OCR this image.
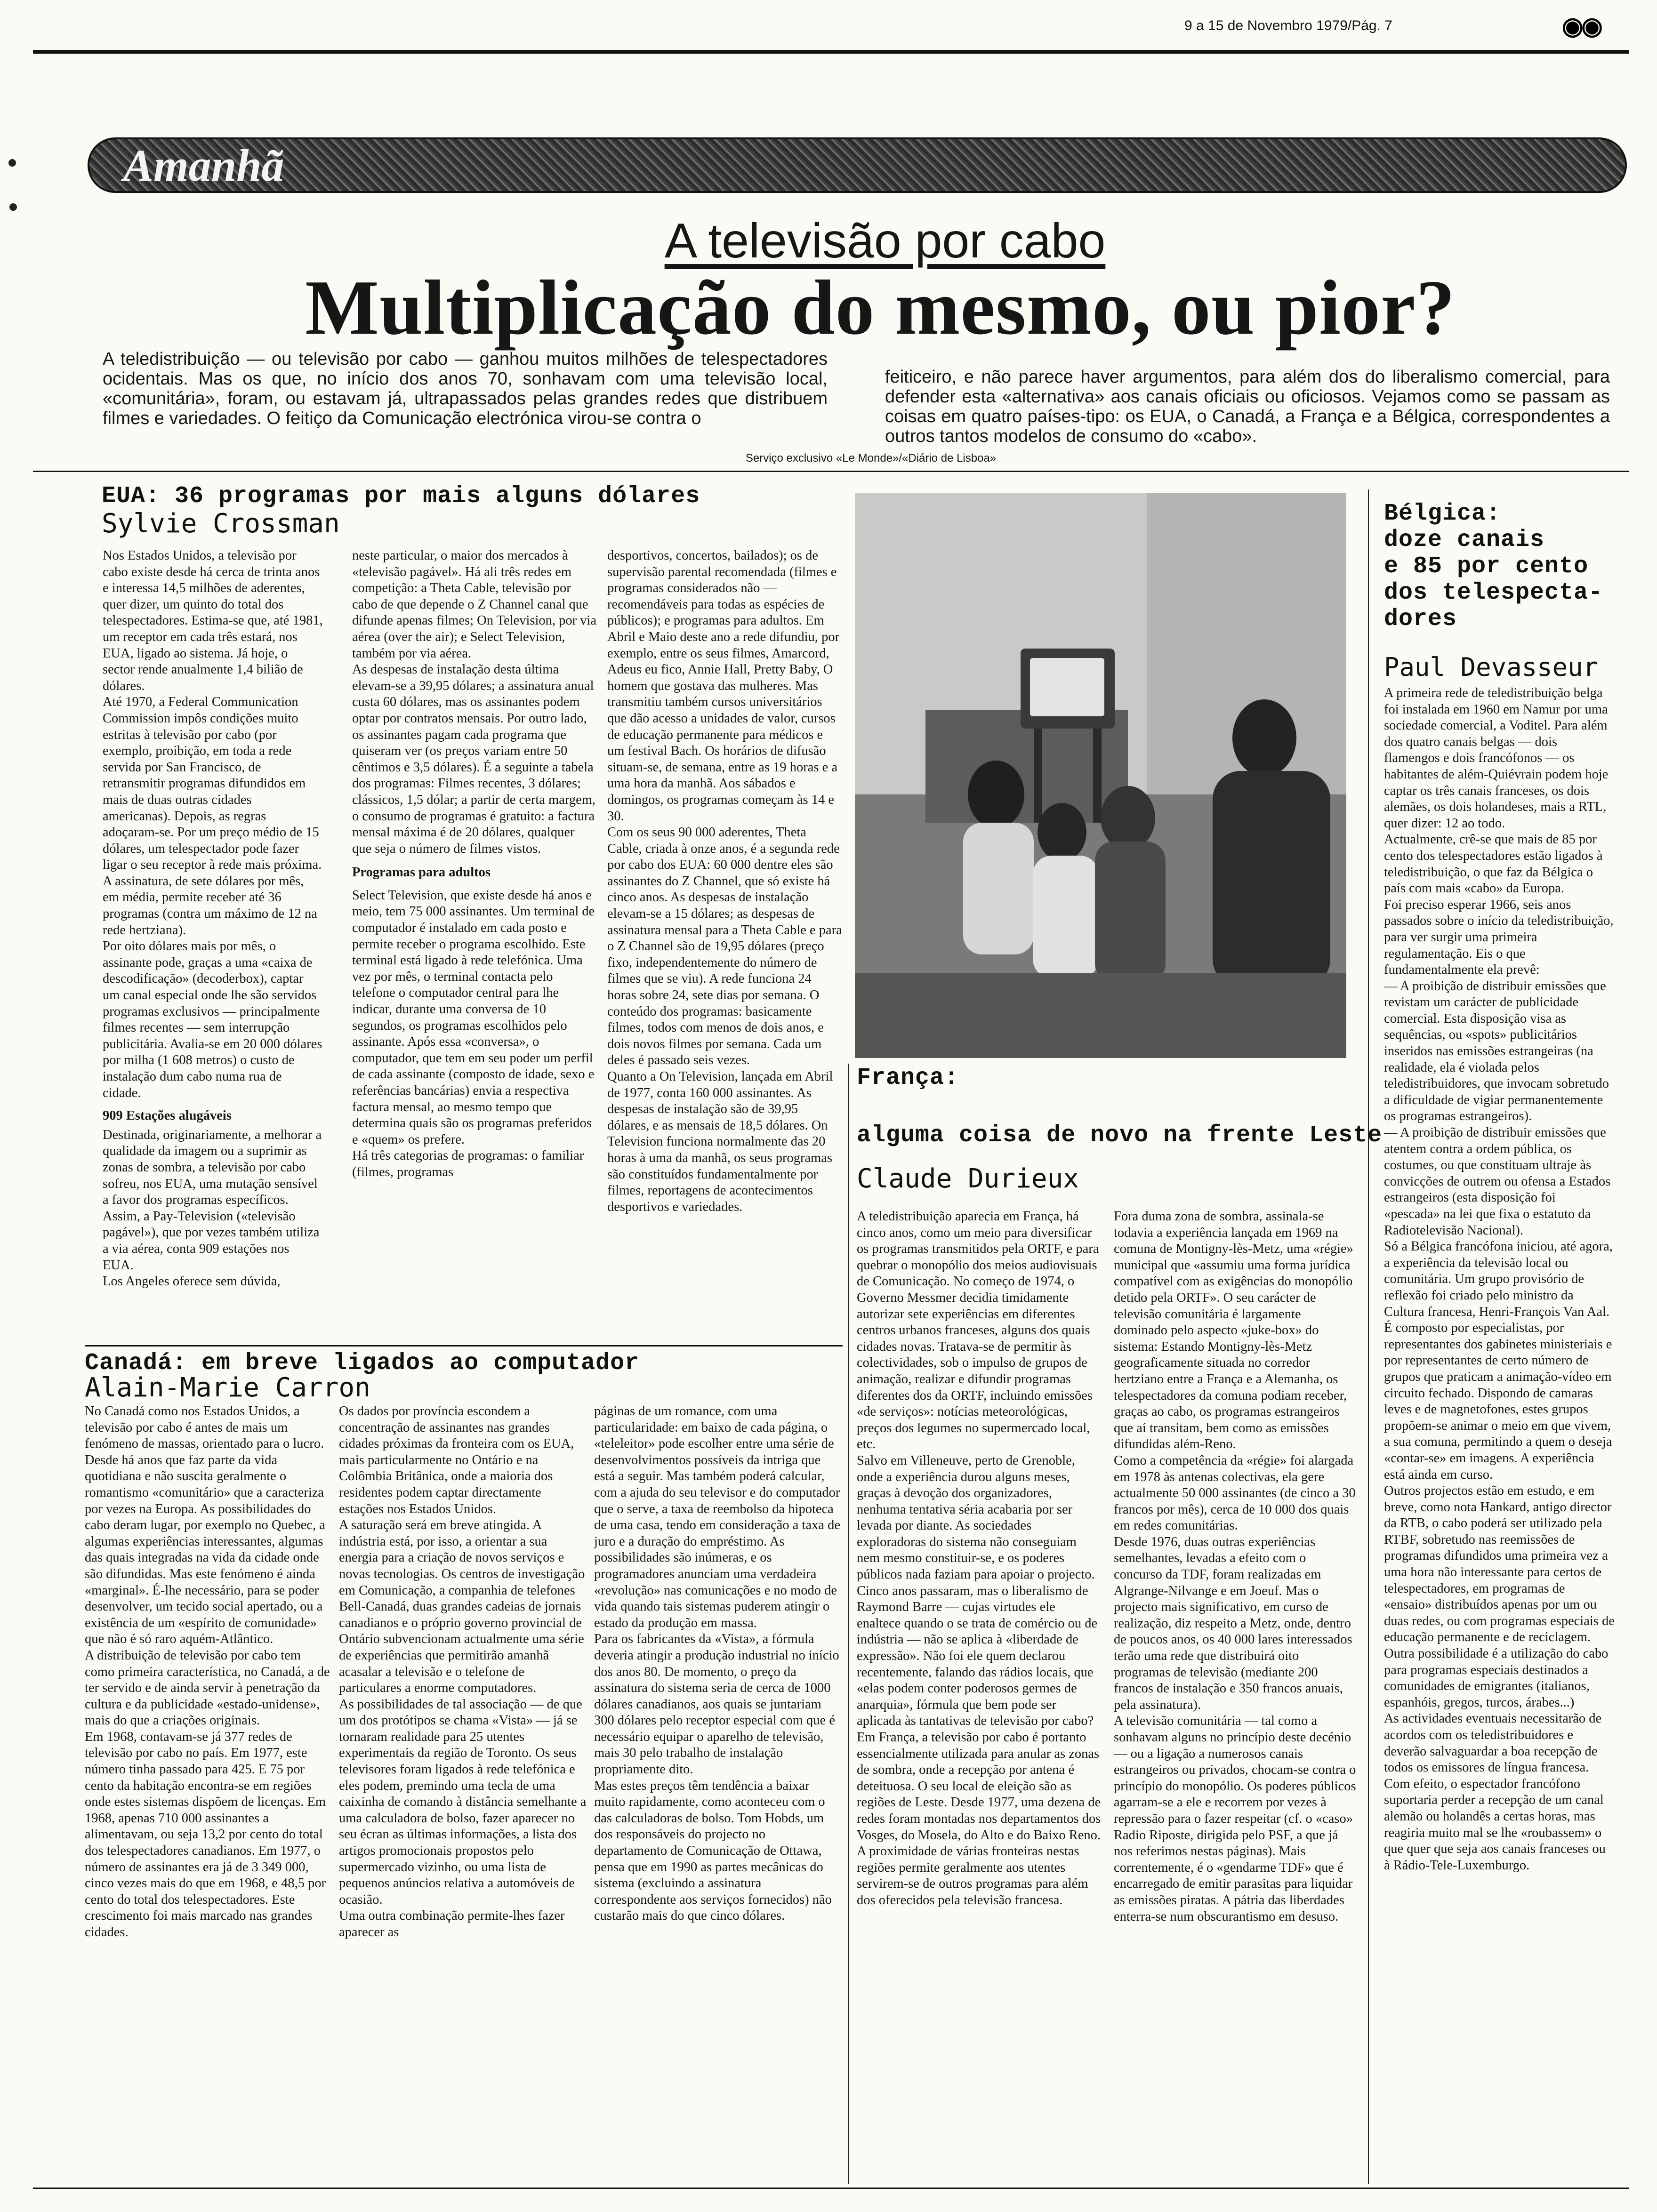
9 a 15 de Novembro 1979/Pág. 7	◉◉
Amanhã
A televisão por cabo
Multiplicação do mesmo, ou pior?
A teledistribuição — ou televisão por cabo — ganhou muitos milhões de telespectadores ocidentais. Mas os que, no início dos anos 70, sonhavam com uma televisão local, «comunitária», foram, ou estavam já, ultrapassados pelas grandes redes que distribuem filmes e variedades. O feitiço da Comunicação electrónica virou-se contra o
feiticeiro, e não parece haver argumentos, para além dos do liberalismo comercial, para defender esta «alternativa» aos canais oficiais ou oficiosos. Vejamos como se passam as coisas em quatro países-tipo: os EUA, o Canadá, a França e a Bélgica, correspondentes a outros tantos modelos de consumo do «cabo».
Serviço exclusivo «Le Monde»/«Diário de Lisboa»
EUA: 36 programas por mais alguns dólares
Sylvie Crossman

Nos Estados Unidos, a televisão por cabo existe desde há cerca de trinta anos e interessa 14,5 milhões de aderentes, quer dizer, um quinto do total dos telespectadores. Estima-se que, até 1981, um receptor em cada três estará, nos EUA, ligado ao sistema. Já hoje, o sector rende anualmente 1,4 bilião de dólares.

Até 1970, a Federal Communication Commission impôs condições muito estritas à televisão por cabo (por exemplo, proibição, em toda a rede servida por San Francisco, de retransmitir programas difundidos em mais de duas outras cidades americanas). Depois, as regras adoçaram-se. Por um preço médio de 15 dólares, um telespectador pode fazer ligar o seu receptor à rede mais próxima. A assinatura, de sete dólares por mês, em média, permite receber até 36 programas (contra um máximo de 12 na rede hertziana).

Por oito dólares mais por mês, o assinante pode, graças a uma «caixa de descodificação» (decoderbox), captar um canal especial onde lhe são servidos programas exclusivos — principalmente filmes recentes — sem interrupção publicitária. Avalia-se em 20 000 dólares por milha (1 608 metros) o custo de instalação dum cabo numa rua de cidade.

909 Estações alugáveis

Destinada, originariamente, a melhorar a qualidade da imagem ou a suprimir as zonas de sombra, a televisão por cabo sofreu, nos EUA, uma mutação sensível a favor dos programas específicos. Assim, a Pay-Television («televisão pagável»), que por vezes também utiliza a via aérea, conta 909 estações nos EUA.

Los Angeles oferece sem dúvida,

neste particular, o maior dos mercados à «televisão pagável». Há ali três redes em competição: a Theta Cable, televisão por cabo de que depende o Z Channel canal que difunde apenas filmes; On Television, por via aérea (over the air); e Select Television, também por via aérea.

As despesas de instalação desta última elevam-se a 39,95 dólares; a assinatura anual custa 60 dólares, mas os assinantes podem optar por contratos mensais. Por outro lado, os assinantes pagam cada programa que quiseram ver (os preços variam entre 50 cêntimos e 3,5 dólares). É a seguinte a tabela dos programas: Filmes recentes, 3 dólares; clássicos, 1,5 dólar; a partir de certa margem, o consumo de programas é gratuito: a factura mensal máxima é de 20 dólares, qualquer que seja o número de filmes vistos.

Programas para adultos

Select Television, que existe desde há anos e meio, tem 75 000 assinantes. Um terminal de computador é instalado em cada posto e permite receber o programa escolhido. Este terminal está ligado à rede telefónica. Uma vez por mês, o terminal contacta pelo telefone o computador central para lhe indicar, durante uma conversa de 10 segundos, os programas escolhidos pelo assinante. Após essa «conversa», o computador, que tem em seu poder um perfil de cada assinante (composto de idade, sexo e referências bancárias) envia a respectiva factura mensal, ao mesmo tempo que determina quais são os programas preferidos e «quem» os prefere.

Há três categorias de programas: o familiar (filmes, programas

desportivos, concertos, bailados); os de supervisão parental recomendada (filmes e programas considerados não — recomendáveis para todas as espécies de públicos); e programas para adultos. Em Abril e Maio deste ano a rede difundiu, por exemplo, entre os seus filmes, Amarcord, Adeus eu fico, Annie Hall, Pretty Baby, O homem que gostava das mulheres. Mas transmitiu também cursos universitários que dão acesso a unidades de valor, cursos de educação permanente para médicos e um festival Bach. Os horários de difusão situam-se, de semana, entre as 19 horas e a uma hora da manhã. Aos sábados e domingos, os programas começam às 14 e 30.

Com os seus 90 000 aderentes, Theta Cable, criada à onze anos, é a segunda rede por cabo dos EUA: 60 000 dentre eles são assinantes do Z Channel, que só existe há cinco anos. As despesas de instalação elevam-se a 15 dólares; as despesas de assinatura mensal para a Theta Cable e para o Z Channel são de 19,95 dólares (preço fixo, independentemente do número de filmes que se viu). A rede funciona 24 horas sobre 24, sete dias por semana. O conteúdo dos programas: basicamente filmes, todos com menos de dois anos, e dois novos filmes por semana. Cada um deles é passado seis vezes.

Quanto a On Television, lançada em Abril de 1977, conta 160 000 assinantes. As despesas de instalação são de 39,95 dólares, e as mensais de 18,5 dólares. On Television funciona normalmente das 20 horas à uma da manhã, os seus programas são constituídos fundamentalmente por filmes, reportagens de acontecimentos desportivos e variedades.

Bélgica:
doze canais
e 85 por cento
dos telespecta-
dores
Paul Devasseur

A primeira rede de teledistribuição belga foi instalada em 1960 em Namur por uma sociedade comercial, a Voditel. Para além dos quatro canais belgas — dois flamengos e dois francófonos — os habitantes de além-Quiévrain podem hoje captar os três canais franceses, os dois alemães, os dois holandeses, mais a RTL, quer dizer: 12 ao todo.

Actualmente, crê-se que mais de 85 por cento dos telespectadores estão ligados à teledistribuição, o que faz da Bélgica o país com mais «cabo» da Europa.

Foi preciso esperar 1966, seis anos passados sobre o início da teledistribuição, para ver surgir uma primeira regulamentação. Eis o que fundamentalmente ela prevê:

— A proibição de distribuir emissões que revistam um carácter de publicidade comercial. Esta disposição visa as sequências, ou «spots» publicitários inseridos nas emissões estrangeiras (na realidade, ela é violada pelos teledistribuidores, que invocam sobretudo a dificuldade de vigiar permanentemente os programas estrangeiros).

— A proibição de distribuir emissões que atentem contra a ordem pública, os costumes, ou que constituam ultraje às convicções de outrem ou ofensa a Estados estrangeiros (esta disposição foi «pescada» na lei que fixa o estatuto da Radiotelevisão Nacional).

Só a Bélgica francófona iniciou, até agora, a experiência da televisão local ou comunitária. Um grupo provisório de reflexão foi criado pelo ministro da Cultura francesa, Henri-François Van Aal. É composto por especialistas, por representantes dos gabinetes ministeriais e por representantes de certo número de grupos que praticam a animação-vídeo em circuito fechado. Dispondo de camaras leves e de magnetofones, estes grupos propõem-se animar o meio em que vivem, a sua comuna, permitindo a quem o deseja «contar-se» em imagens. A experiência está ainda em curso.

Outros projectos estão em estudo, e em breve, como nota Hankard, antigo director da RTB, o cabo poderá ser utilizado pela RTBF, sobretudo nas reemissões de programas difundidos uma primeira vez a uma hora não interessante para certos de telespectadores, em programas de «ensaio» distribuídos apenas por um ou duas redes, ou com programas especiais de educação permanente e de reciclagem. Outra possibilidade é a utilização do cabo para programas especiais destinados a comunidades de emigrantes (italianos, espanhóis, gregos, turcos, árabes...)

As actividades eventuais necessitarão de acordos com os teledistribuidores e deverão salvaguardar a boa recepção de todos os emissores de língua francesa. Com efeito, o espectador francófono suportaria perder a recepção de um canal alemão ou holandês a certas horas, mas reagiria muito mal se lhe «roubassem» o que quer que seja aos canais franceses ou à Rádio-Tele-Luxemburgo.

França:
alguma coisa de novo na frente Leste
Claude Durieux

A teledistribuição aparecia em França, há cinco anos, como um meio para diversificar os programas transmitidos pela ORTF, e para quebrar o monopólio dos meios audiovisuais de Comunicação. No começo de 1974, o Governo Messmer decidia timidamente autorizar sete experiências em diferentes centros urbanos franceses, alguns dos quais cidades novas. Tratava-se de permitir às colectividades, sob o impulso de grupos de animação, realizar e difundir programas diferentes dos da ORTF, incluindo emissões «de serviços»: notícias meteorológicas, preços dos legumes no supermercado local, etc.

Salvo em Villeneuve, perto de Grenoble, onde a experiência durou alguns meses, graças à devoção dos organizadores, nenhuma tentativa séria acabaria por ser levada por diante. As sociedades exploradoras do sistema não conseguiam nem mesmo constituir-se, e os poderes públicos nada faziam para apoiar o projecto.

Cinco anos passaram, mas o liberalismo de Raymond Barre — cujas virtudes ele enaltece quando o se trata de comércio ou de indústria — não se aplica à «liberdade de expressão». Não foi ele quem declarou recentemente, falando das rádios locais, que «elas podem conter poderosos germes de anarquia», fórmula que bem pode ser aplicada às tantativas de televisão por cabo?

Em França, a televisão por cabo é portanto essencialmente utilizada para anular as zonas de sombra, onde a recepção por antena é deteituosa. O seu local de eleição são as regiões de Leste. Desde 1977, uma dezena de redes foram montadas nos departamentos dos Vosges, do Mosela, do Alto e do Baixo Reno. A proximidade de várias fronteiras nestas regiões permite geralmente aos utentes servirem-se de outros programas para além dos oferecidos pela televisão francesa.

Fora duma zona de sombra, assinala-se todavia a experiência lançada em 1969 na comuna de Montigny-lès-Metz, uma «régie» municipal que «assumiu uma forma jurídica compatível com as exigências do monopólio detido pela ORTF». O seu carácter de televisão comunitária é largamente dominado pelo aspecto «juke-box» do sistema: Estando Montigny-lès-Metz geograficamente situada no corredor hertziano entre a França e a Alemanha, os telespectadores da comuna podiam receber, graças ao cabo, os programas estrangeiros que aí transitam, bem como as emissões difundidas além-Reno.

Como a competência da «régie» foi alargada em 1978 às antenas colectivas, ela gere actualmente 50 000 assinantes (de cinco a 30 francos por mês), cerca de 10 000 dos quais em redes comunitárias.

Desde 1976, duas outras experiências semelhantes, levadas a efeito com o concurso da TDF, foram realizadas em Algrange-Nilvange e em Joeuf. Mas o projecto mais significativo, em curso de realização, diz respeito a Metz, onde, dentro de poucos anos, os 40 000 lares interessados terão uma rede que distribuirá oito programas de televisão (mediante 200 francos de instalação e 350 francos anuais, pela assinatura).

A televisão comunitária — tal como a sonhavam alguns no princípio deste decénio — ou a ligação a numerosos canais estrangeiros ou privados, chocam-se contra o princípio do monopólio. Os poderes públicos agarram-se a ele e recorrem por vezes à repressão para o fazer respeitar (cf. o «caso» Radio Riposte, dirigida pelo PSF, a que já nos referimos nestas páginas). Mais correntemente, é o «gendarme TDF» que é encarregado de emitir parasitas para liquidar as emissões piratas. A pátria das liberdades enterra-se num obscurantismo em desuso.

Canadá: em breve ligados ao computador
Alain-Marie Carron

No Canadá como nos Estados Unidos, a televisão por cabo é antes de mais um fenómeno de massas, orientado para o lucro. Desde há anos que faz parte da vida quotidiana e não suscita geralmente o romantismo «comunitário» que a caracteriza por vezes na Europa. As possibilidades do cabo deram lugar, por exemplo no Quebec, a algumas experiências interessantes, algumas das quais integradas na vida da cidade onde são difundidas. Mas este fenómeno é ainda «marginal». É-lhe necessário, para se poder desenvolver, um tecido social apertado, ou a existência de um «espírito de comunidade» que não é só raro aquém-Atlântico.

A distribuição de televisão por cabo tem como primeira característica, no Canadá, a de ter servido e de ainda servir à penetração da cultura e da publicidade «estado-unidense», mais do que a criações originais.

Em 1968, contavam-se já 377 redes de televisão por cabo no país. Em 1977, este número tinha passado para 425. E 75 por cento da habitação encontra-se em regiões onde estes sistemas dispõem de licenças. Em 1968, apenas 710 000 assinantes a alimentavam, ou seja 13,2 por cento do total dos telespectadores canadianos. Em 1977, o número de assinantes era já de 3 349 000, cinco vezes mais do que em 1968, e 48,5 por cento do total dos telespectadores. Este crescimento foi mais marcado nas grandes cidades.

Os dados por província escondem a concentração de assinantes nas grandes cidades próximas da fronteira com os EUA, mais particularmente no Ontário e na Colômbia Britânica, onde a maioria dos residentes podem captar directamente estações nos Estados Unidos.

A saturação será em breve atingida. A indústria está, por isso, a orientar a sua energia para a criação de novos serviços e novas tecnologias. Os centros de investigação em Comunicação, a companhia de telefones Bell-Canadá, duas grandes cadeias de jornais canadianos e o próprio governo provincial de Ontário subvencionam actualmente uma série de experiências que permitirão amanhã acasalar a televisão e o telefone de particulares a enorme computadores.

As possibilidades de tal associação — de que um dos protótipos se chama «Vista» — já se tornaram realidade para 25 utentes experimentais da região de Toronto. Os seus televisores foram ligados à rede telefónica e eles podem, premindo uma tecla de uma caixinha de comando à distância semelhante a uma calculadora de bolso, fazer aparecer no seu écran as últimas informações, a lista dos artigos promocionais propostos pelo supermercado vizinho, ou uma lista de pequenos anúncios relativa a automóveis de ocasião.

Uma outra combinação permite-lhes fazer aparecer as

páginas de um romance, com uma particularidade: em baixo de cada página, o «teleleitor» pode escolher entre uma série de desenvolvimentos possíveis da intriga que está a seguir. Mas também poderá calcular, com a ajuda do seu televisor e do computador que o serve, a taxa de reembolso da hipoteca de uma casa, tendo em consideração a taxa de juro e a duração do empréstimo. As possibilidades são inúmeras, e os programadores anunciam uma verdadeira «revolução» nas comunicações e no modo de vida quando tais sistemas puderem atingir o estado da produção em massa.

Para os fabricantes da «Vista», a fórmula deveria atingir a produção industrial no início dos anos 80. De momento, o preço da assinatura do sistema seria de cerca de 1000 dólares canadianos, aos quais se juntariam 300 dólares pelo receptor especial com que é necessário equipar o aparelho de televisão, mais 30 pelo trabalho de instalação propriamente dito.

Mas estes preços têm tendência a baixar muito rapidamente, como aconteceu com o das calculadoras de bolso. Tom Hobds, um dos responsáveis do projecto no departamento de Comunicação de Ottawa, pensa que em 1990 as partes mecânicas do sistema (excluindo a assinatura correspondente aos serviços fornecidos) não custarão mais do que cinco dólares.
